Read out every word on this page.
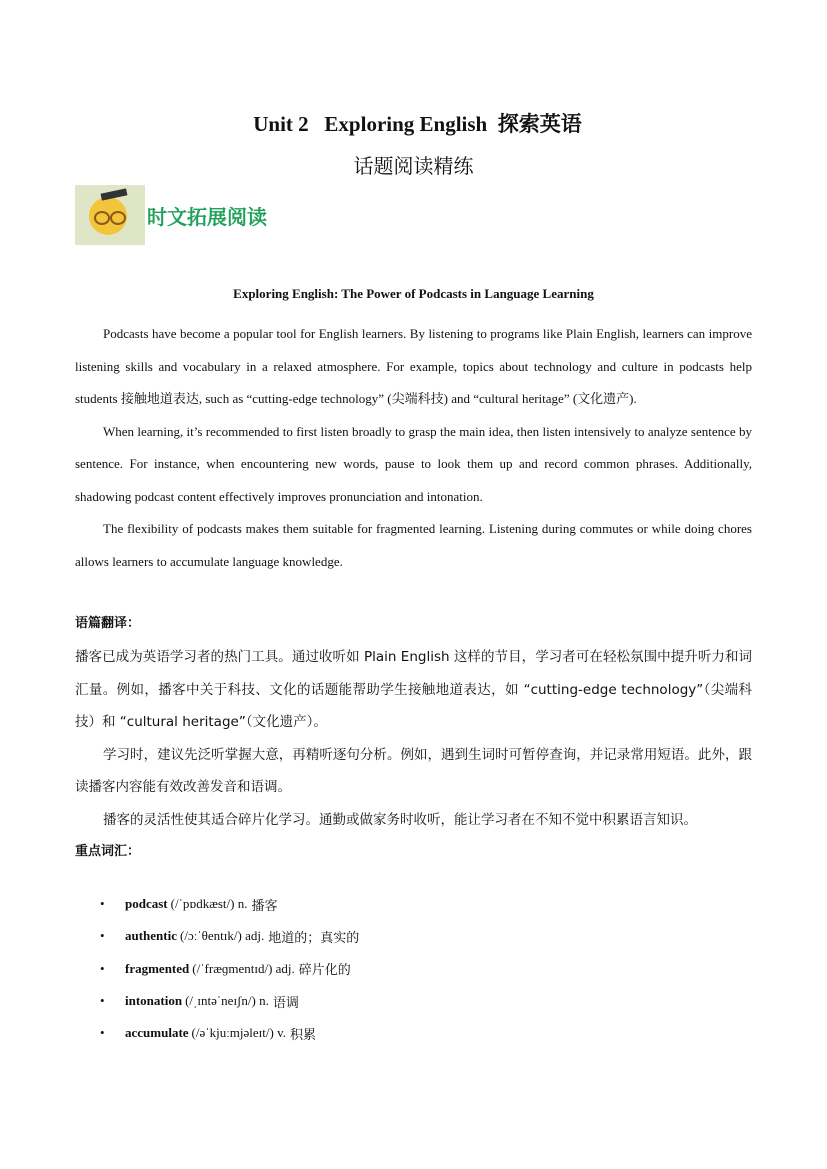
Unit 2   Exploring English  探索英语
话题阅读精练
时文拓展阅读
Exploring English: The Power of Podcasts in Language Learning

Podcasts have become a popular tool for English learners. By listening to programs like Plain English, learners can improve listening skills and vocabulary in a relaxed atmosphere. For example, topics about technology and culture in podcasts help students 接触地道表达, such as “cutting-edge technology” (尖端科技) and “cultural heritage” (文化遗产).

When learning, it’s recommended to first listen broadly to grasp the main idea, then listen intensively to analyze sentence by sentence. For instance, when encountering new words, pause to look them up and record common phrases. Additionally, shadowing podcast content effectively improves pronunciation and intonation.

The flexibility of podcasts makes them suitable for fragmented learning. Listening during commutes or while doing chores allows learners to accumulate language knowledge.

语篇翻译：

播客已成为英语学习者的热门工具。通过收听如 Plain English 这样的节目，学习者可在轻松氛围中提升听力和词汇量。例如，播客中关于科技、文化的话题能帮助学生接触地道表达，如 “cutting-edge technology”（尖端科技）和 “cultural heritage”（文化遗产）。

学习时，建议先泛听掌握大意，再精听逐句分析。例如，遇到生词时可暂停查询，并记录常用短语。此外，跟读播客内容能有效改善发音和语调。

播客的灵活性使其适合碎片化学习。通勤或做家务时收听，能让学习者在不知不觉中积累语言知识。

重点词汇：
•	podcast (/ˈpɒdkæst/) n. 播客
•	authentic (/ɔːˈθentɪk/) adj. 地道的；真实的
•	fragmented (/ˈfræɡmentɪd/) adj. 碎片化的
•	intonation (/ˌɪntəˈneɪʃn/) n. 语调
•	accumulate (/əˈkjuːmjəleɪt/) v. 积累
